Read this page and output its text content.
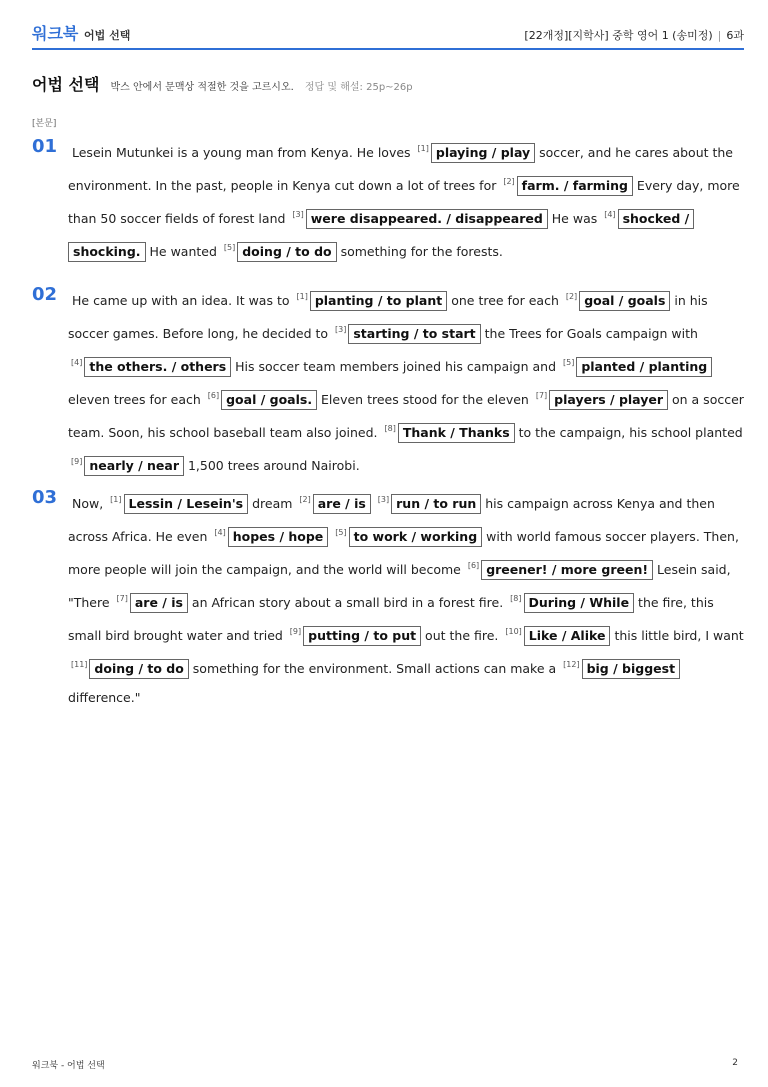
워크북 어법 선택	[22개정][지학사] 중학 영어 1 (송미정) | 6과
어법 선택 박스 안에서 문맥상 적절한 것을 고르시오. 정답 및 해설: 25p~26p
[본문]
01	Lesein Mutunkei is a young man from Kenya. He loves [1] playing / play soccer, and he cares about the environment. In the past, people in Kenya cut down a lot of trees for [2] farm. / farming Every day, more than 50 soccer fields of forest land [3] were disappeared. / disappeared He was [4] shocked / shocking. He wanted [5] doing / to do something for the forests.
02	He came up with an idea. It was to [1] planting / to plant one tree for each [2] goal / goals in his soccer games. Before long, he decided to [3] starting / to start the Trees for Goals campaign with [4] the others. / others His soccer team members joined his campaign and [5] planted / planting eleven trees for each [6] goal / goals. Eleven trees stood for the eleven [7] players / player on a soccer team. Soon, his school baseball team also joined. [8] Thank / Thanks to the campaign, his school planted [9] nearly / near 1,500 trees around Nairobi.
03	Now, [1] Lessin / Lesein's dream [2] are / is [3] run / to run his campaign across Kenya and then across Africa. He even [4] hopes / hope [5] to work / working with world famous soccer players. Then, more people will join the campaign, and the world will become [6] greener! / more green! Lesein said, "There [7] are / is an African story about a small bird in a forest fire. [8] During / While the fire, this small bird brought water and tried [9] putting / to put out the fire. [10] Like / Alike this little bird, I want [11] doing / to do something for the environment. Small actions can make a [12] big / biggest difference."
워크북 - 어법 선택	2
